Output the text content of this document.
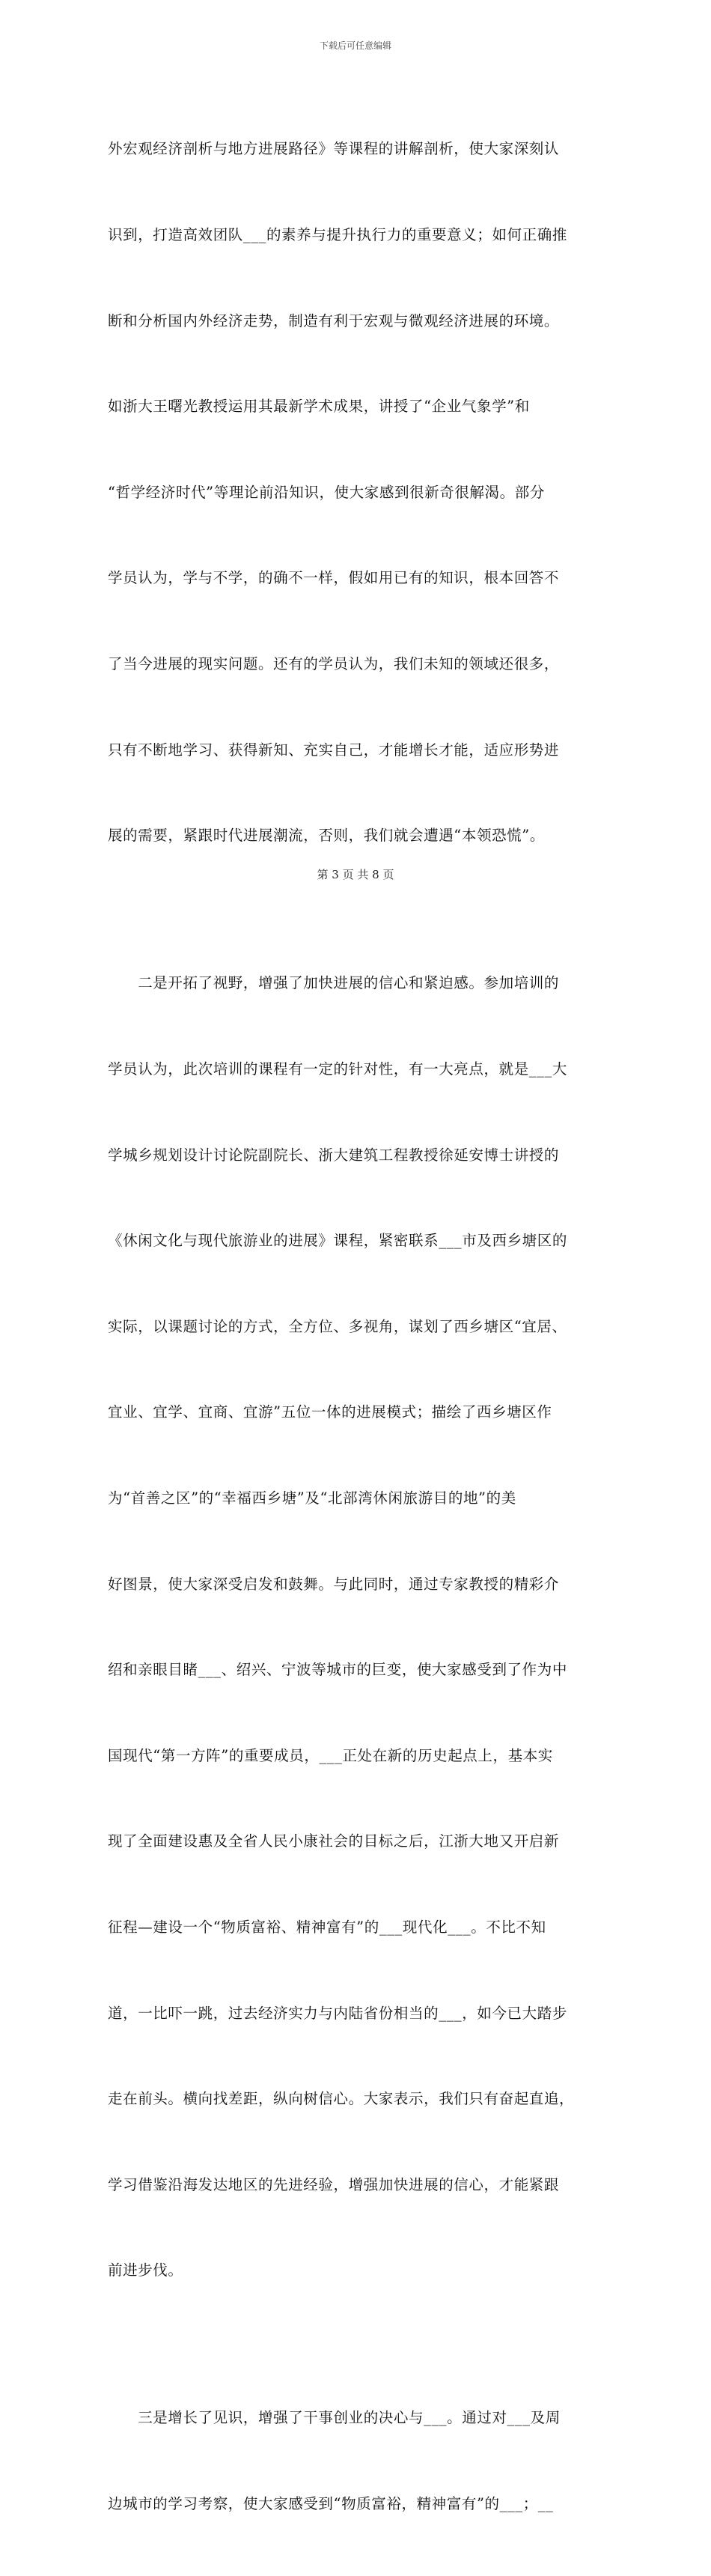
下载后可任意编辑

外宏观经济剖析与地方进展路径》等课程的讲解剖析，使大家深刻认

识到，打造高效团队___的素养与提升执行力的重要意义；如何正确推

断和分析国内外经济走势，制造有利于宏观与微观经济进展的环境。

如浙大王曙光教授运用其最新学术成果，讲授了“企业气象学”和

“哲学经济时代”等理论前沿知识，使大家感到很新奇很解渴。部分

学员认为，学与不学，的确不一样，假如用已有的知识，根本回答不

了当今进展的现实问题。还有的学员认为，我们未知的领域还很多，

只有不断地学习、获得新知、充实自己，才能增长才能，适应形势进

展的需要，紧跟时代进展潮流，否则，我们就会遭遇“本领恐慌”。

　　二是开拓了视野，增强了加快进展的信心和紧迫感。参加培训的

学员认为，此次培训的课程有一定的针对性，有一大亮点，就是___大

学城乡规划设计讨论院副院长、浙大建筑工程教授徐延安博士讲授的

《休闲文化与现代旅游业的进展》课程，紧密联系___市及西乡塘区的

实际，以课题讨论的方式，全方位、多视角，谋划了西乡塘区“宜居、

宜业、宜学、宜商、宜游”五位一体的进展模式；描绘了西乡塘区作

为“首善之区”的“幸福西乡塘”及“北部湾休闲旅游目的地”的美

好图景，使大家深受启发和鼓舞。与此同时，通过专家教授的精彩介

绍和亲眼目睹___、绍兴、宁波等城市的巨变，使大家感受到了作为中

国现代“第一方阵”的重要成员，___正处在新的历史起点上，基本实

现了全面建设惠及全省人民小康社会的目标之后，江浙大地又开启新

征程—建设一个“物质富裕、精神富有”的___现代化___。不比不知

道，一比吓一跳，过去经济实力与内陆省份相当的___，如今已大踏步

走在前头。横向找差距，纵向树信心。大家表示，我们只有奋起直追，

学习借鉴沿海发达地区的先进经验，增强加快进展的信心，才能紧跟

前进步伐。

　　三是增长了见识，增强了干事创业的决心与___。通过对___及周

边城市的学习考察，使大家感受到“物质富裕，精神富有”的___；__

第 3 页 共 8 页
